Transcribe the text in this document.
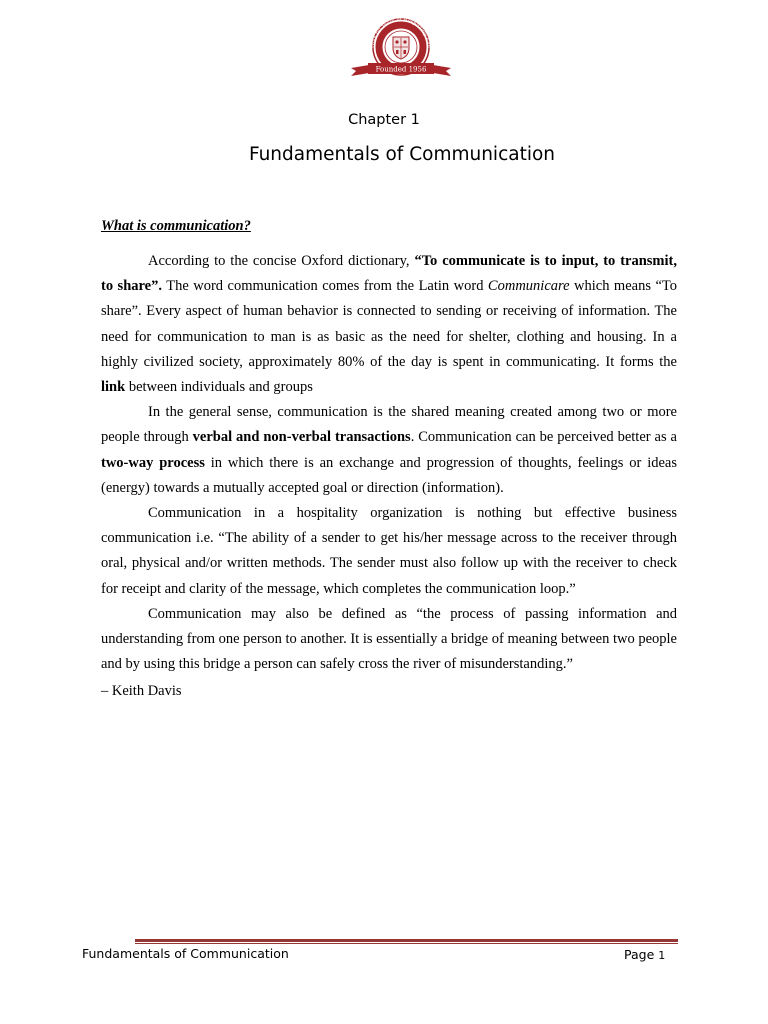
Than 60 Years of Hospitality Edu
Founded 1956
Chapter 1
Fundamentals of Communication
What is communication?

According to the concise Oxford dictionary, “To communicate is to input, to transmit, to share”. The word communication comes from the Latin word Communicare which means “To share”. Every aspect of human behavior is connected to sending or receiving of information. The need for communication to man is as basic as the need for shelter, clothing and housing. In a highly civilized society, approximately 80% of the day is spent in communicating. It forms the link between individuals and groups

In the general sense, communication is the shared meaning created among two or more people through verbal and non-verbal transactions. Communication can be perceived better as a two-way process in which there is an exchange and progression of thoughts, feelings or ideas (energy) towards a mutually accepted goal or direction (information).

Communication in a hospitality organization is nothing but effective business communication i.e. “The ability of a sender to get his/her message across to the receiver through oral, physical and/or written methods. The sender must also follow up with the receiver to check for receipt and clarity of the message, which completes the communication loop.”

Communication may also be defined as “the process of passing information and understanding from one person to another. It is essentially a bridge of meaning between two people and by using this bridge a person can safely cross the river of misunderstanding.”

– Keith Davis
Fundamentals of Communication	Page 1
